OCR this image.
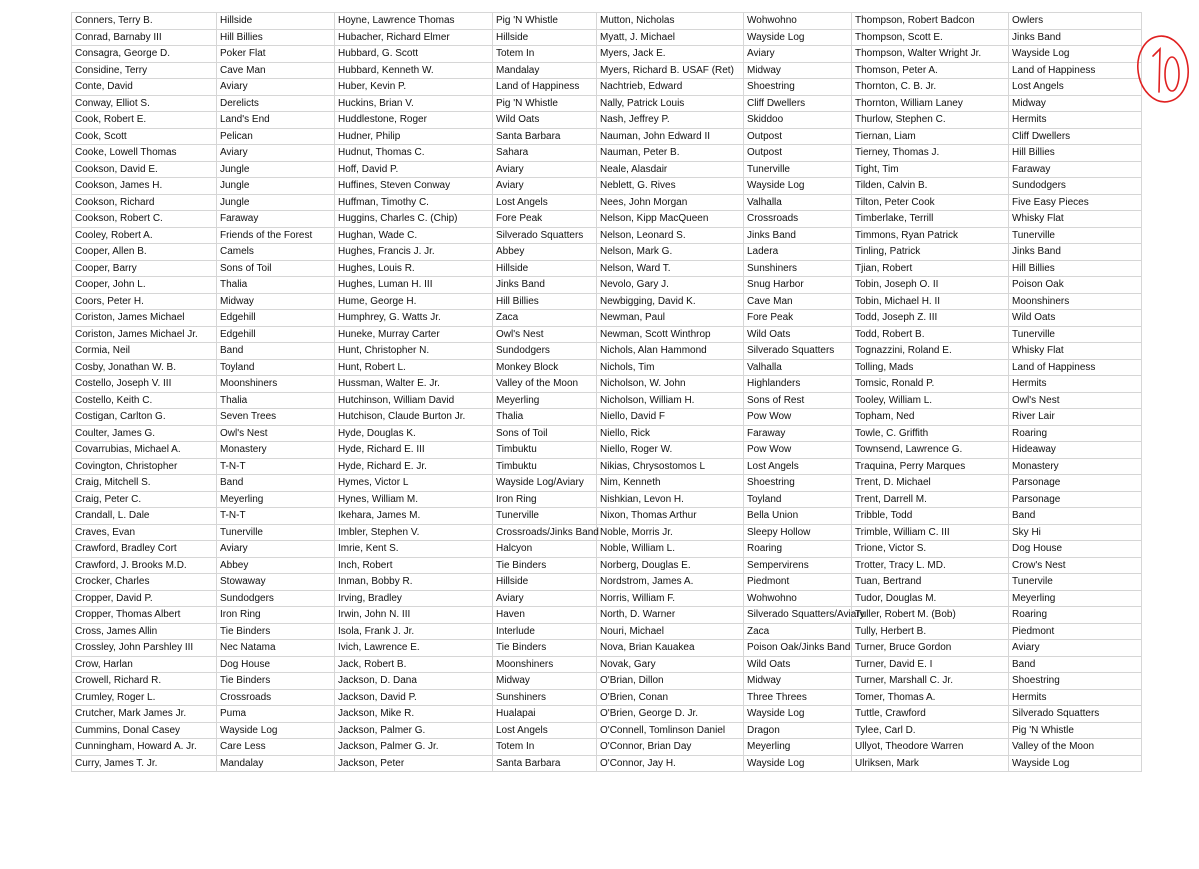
Conners, Terry B.	Hillside	Hoyne, Lawrence Thomas	Pig 'N Whistle	Mutton, Nicholas	Wohwohno	Thompson, Robert Badcon	Owlers
Conrad, Barnaby III	Hill Billies	Hubacher, Richard Elmer	Hillside	Myatt, J. Michael	Wayside Log	Thompson, Scott E.	Jinks Band
Consagra, George D.	Poker Flat	Hubbard, G. Scott	Totem In	Myers, Jack E.	Aviary	Thompson, Walter Wright Jr.	Wayside Log
Considine, Terry	Cave Man	Hubbard, Kenneth W.	Mandalay	Myers, Richard B. USAF (Ret)	Midway	Thomson, Peter A.	Land of Happiness
Conte, David	Aviary	Huber, Kevin P.	Land of Happiness	Nachtrieb, Edward	Shoestring	Thornton, C. B. Jr.	Lost Angels
Conway, Elliot S.	Derelicts	Huckins, Brian V.	Pig 'N Whistle	Nally, Patrick Louis	Cliff Dwellers	Thornton, William Laney	Midway
Cook, Robert E.	Land's End	Huddlestone, Roger	Wild Oats	Nash, Jeffrey P.	Skiddoo	Thurlow, Stephen C.	Hermits
Cook, Scott	Pelican	Hudner, Philip	Santa Barbara	Nauman, John Edward II	Outpost	Tiernan, Liam	Cliff Dwellers
Cooke, Lowell Thomas	Aviary	Hudnut, Thomas C.	Sahara	Nauman, Peter B.	Outpost	Tierney, Thomas J.	Hill Billies
Cookson, David E.	Jungle	Hoff, David P.	Aviary	Neale, Alasdair	Tunerville	Tight, Tim	Faraway
Cookson, James H.	Jungle	Huffines, Steven Conway	Aviary	Neblett, G. Rives	Wayside Log	Tilden, Calvin B.	Sundodgers
Cookson, Richard	Jungle	Huffman, Timothy C.	Lost Angels	Nees, John Morgan	Valhalla	Tilton, Peter Cook	Five Easy Pieces
Cookson, Robert C.	Faraway	Huggins, Charles C. (Chip)	Fore Peak	Nelson, Kipp MacQueen	Crossroads	Timberlake, Terrill	Whisky Flat
Cooley, Robert A.	Friends of the Forest	Hughan, Wade C.	Silverado Squatters	Nelson, Leonard S.	Jinks Band	Timmons, Ryan Patrick	Tunerville
Cooper, Allen B.	Camels	Hughes, Francis J. Jr.	Abbey	Nelson, Mark G.	Ladera	Tinling, Patrick	Jinks Band
Cooper, Barry	Sons of Toil	Hughes, Louis R.	Hillside	Nelson, Ward T.	Sunshiners	Tjian, Robert	Hill Billies
Cooper, John L.	Thalia	Hughes, Luman H. III	Jinks Band	Nevolo, Gary J.	Snug Harbor	Tobin, Joseph O. II	Poison Oak
Coors, Peter H.	Midway	Hume, George H.	Hill Billies	Newbigging, David K.	Cave Man	Tobin, Michael H. II	Moonshiners
Coriston, James Michael	Edgehill	Humphrey, G. Watts Jr.	Zaca	Newman, Paul	Fore Peak	Todd, Joseph Z. III	Wild Oats
Coriston, James Michael Jr.	Edgehill	Huneke, Murray Carter	Owl's Nest	Newman, Scott Winthrop	Wild Oats	Todd, Robert B.	Tunerville
Cormia, Neil	Band	Hunt, Christopher N.	Sundodgers	Nichols, Alan Hammond	Silverado Squatters	Tognazzini, Roland E.	Whisky Flat
Cosby, Jonathan W. B.	Toyland	Hunt, Robert L.	Monkey Block	Nichols, Tim	Valhalla	Tolling, Mads	Land of Happiness
Costello, Joseph V. III	Moonshiners	Hussman, Walter E. Jr.	Valley of the Moon	Nicholson, W. John	Highlanders	Tomsic, Ronald P.	Hermits
Costello, Keith C.	Thalia	Hutchinson, William David	Meyerling	Nicholson, William H.	Sons of Rest	Tooley, William L.	Owl's Nest
Costigan, Carlton G.	Seven Trees	Hutchison, Claude Burton Jr.	Thalia	Niello, David F	Pow Wow	Topham, Ned	River Lair
Coulter, James G.	Owl's Nest	Hyde, Douglas K.	Sons of Toil	Niello, Rick	Faraway	Towle, C. Griffith	Roaring
Covarrubias, Michael A.	Monastery	Hyde, Richard E. III	Timbuktu	Niello, Roger W.	Pow Wow	Townsend, Lawrence G.	Hideaway
Covington, Christopher	T-N-T	Hyde, Richard E. Jr.	Timbuktu	Nikias, Chrysostomos L	Lost Angels	Traquina, Perry Marques	Monastery
Craig, Mitchell S.	Band	Hymes, Victor L	Wayside Log/Aviary	Nim, Kenneth	Shoestring	Trent, D. Michael	Parsonage
Craig, Peter C.	Meyerling	Hynes, William M.	Iron Ring	Nishkian, Levon H.	Toyland	Trent, Darrell M.	Parsonage
Crandall, L. Dale	T-N-T	Ikehara, James M.	Tunerville	Nixon, Thomas Arthur	Bella Union	Tribble, Todd	Band
Craves, Evan	Tunerville	Imbler, Stephen V.	Crossroads/Jinks Band	Noble, Morris Jr.	Sleepy Hollow	Trimble, William C. III	Sky Hi
Crawford, Bradley Cort	Aviary	Imrie, Kent S.	Halcyon	Noble, William L.	Roaring	Trione, Victor S.	Dog House
Crawford, J. Brooks M.D.	Abbey	Inch, Robert	Tie Binders	Norberg, Douglas E.	Sempervirens	Trotter, Tracy L. MD.	Crow's Nest
Crocker, Charles	Stowaway	Inman, Bobby R.	Hillside	Nordstrom, James A.	Piedmont	Tuan, Bertrand	Tunervile
Cropper, David P.	Sundodgers	Irving, Bradley	Aviary	Norris, William F.	Wohwohno	Tudor, Douglas M.	Meyerling
Cropper, Thomas Albert	Iron Ring	Irwin, John N. III	Haven	North, D. Warner	Silverado Squatters/Aviary	Tuller, Robert M. (Bob)	Roaring
Cross, James Allin	Tie Binders	Isola, Frank J. Jr.	Interlude	Nouri, Michael	Zaca	Tully, Herbert B.	Piedmont
Crossley, John Parshley III	Nec Natama	Ivich, Lawrence E.	Tie Binders	Nova, Brian Kauakea	Poison Oak/Jinks Band	Turner, Bruce Gordon	Aviary
Crow, Harlan	Dog House	Jack, Robert B.	Moonshiners	Novak, Gary	Wild Oats	Turner, David E. I	Band
Crowell, Richard R.	Tie Binders	Jackson, D. Dana	Midway	O'Brian, Dillon	Midway	Turner, Marshall C. Jr.	Shoestring
Crumley, Roger L.	Crossroads	Jackson, David P.	Sunshiners	O'Brien, Conan	Three Threes	Tomer, Thomas A.	Hermits
Crutcher, Mark James Jr.	Puma	Jackson, Mike R.	Hualapai	O'Brien, George D. Jr.	Wayside Log	Tuttle, Crawford	Silverado Squatters
Cummins, Donal Casey	Wayside Log	Jackson, Palmer G.	Lost Angels	O'Connell, Tomlinson Daniel	Dragon	Tylee, Carl D.	Pig 'N Whistle
Cunningham, Howard A. Jr.	Care Less	Jackson, Palmer G. Jr.	Totem In	O'Connor, Brian Day	Meyerling	Ullyot, Theodore Warren	Valley of the Moon
Curry, James T. Jr.	Mandalay	Jackson, Peter	Santa Barbara	O'Connor, Jay H.	Wayside Log	Ulriksen, Mark	Wayside Log
